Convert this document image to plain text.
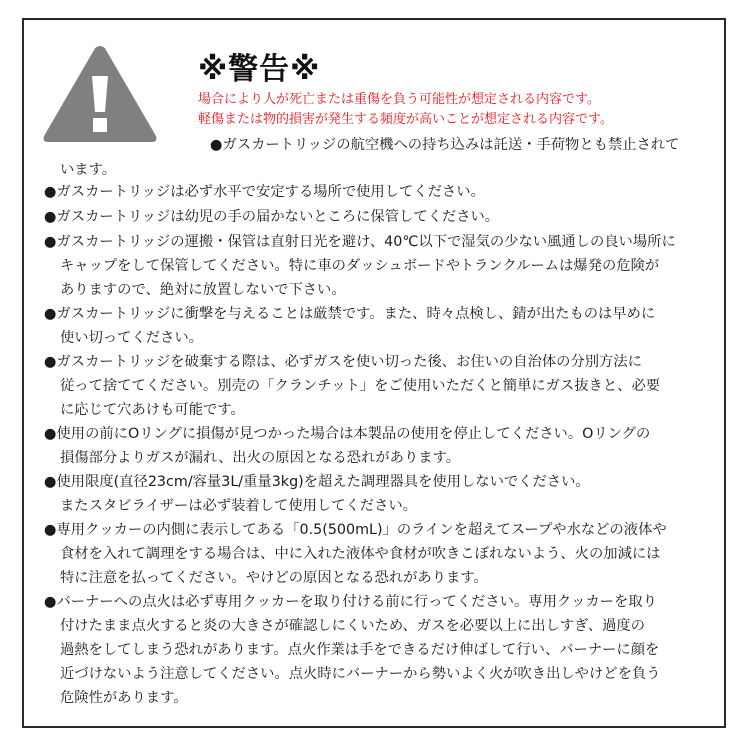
※警告※
場合により人が死亡または重傷を負う可能性が想定される内容です。
軽傷または物的損害が発生する頻度が高いことが想定される内容です。
●ガスカートリッジの航空機への持ち込みは託送・手荷物とも禁止されて
います。
●ガスカートリッジは必ず水平で安定する場所で使用してください。
●ガスカートリッジは幼児の手の届かないところに保管してください。
●ガスカートリッジの運搬・保管は直射日光を避け、40℃以下で湿気の少ない風通しの良い場所に
キャップをして保管してください。特に車のダッシュボードやトランクルームは爆発の危険が
ありますので、絶対に放置しないで下さい。
●ガスカートリッジに衝撃を与えることは厳禁です。また、時々点検し、錆が出たものは早めに
使い切ってください。
●ガスカートリッジを破棄する際は、必ずガスを使い切った後、お住いの自治体の分別方法に
従って捨ててください。別売の「クランチット」をご使用いただくと簡単にガス抜きと、必要
に応じて穴あけも可能です。
●使用の前にOリングに損傷が見つかった場合は本製品の使用を停止してください。Oリングの
損傷部分よりガスが漏れ、出火の原因となる恐れがあります。
●使用限度(直径23cm/容量3L/重量3kg)を超えた調理器具を使用しないでください。
またスタビライザーは必ず装着して使用してください。
●専用クッカーの内側に表示してある「0.5(500mL)」のラインを超えてスープや水などの液体や
食材を入れて調理をする場合は、中に入れた液体や食材が吹きこぼれないよう、火の加減には
特に注意を払ってください。やけどの原因となる恐れがあります。
●バーナーへの点火は必ず専用クッカーを取り付ける前に行ってください。専用クッカーを取り
付けたまま点火すると炎の大きさが確認しにくいため、ガスを必要以上に出しすぎ、過度の
過熱をしてしまう恐れがあります。点火作業は手をできるだけ伸ばして行い、バーナーに顔を
近づけないよう注意してください。点火時にバーナーから勢いよく火が吹き出しやけどを負う
危険性があります。
